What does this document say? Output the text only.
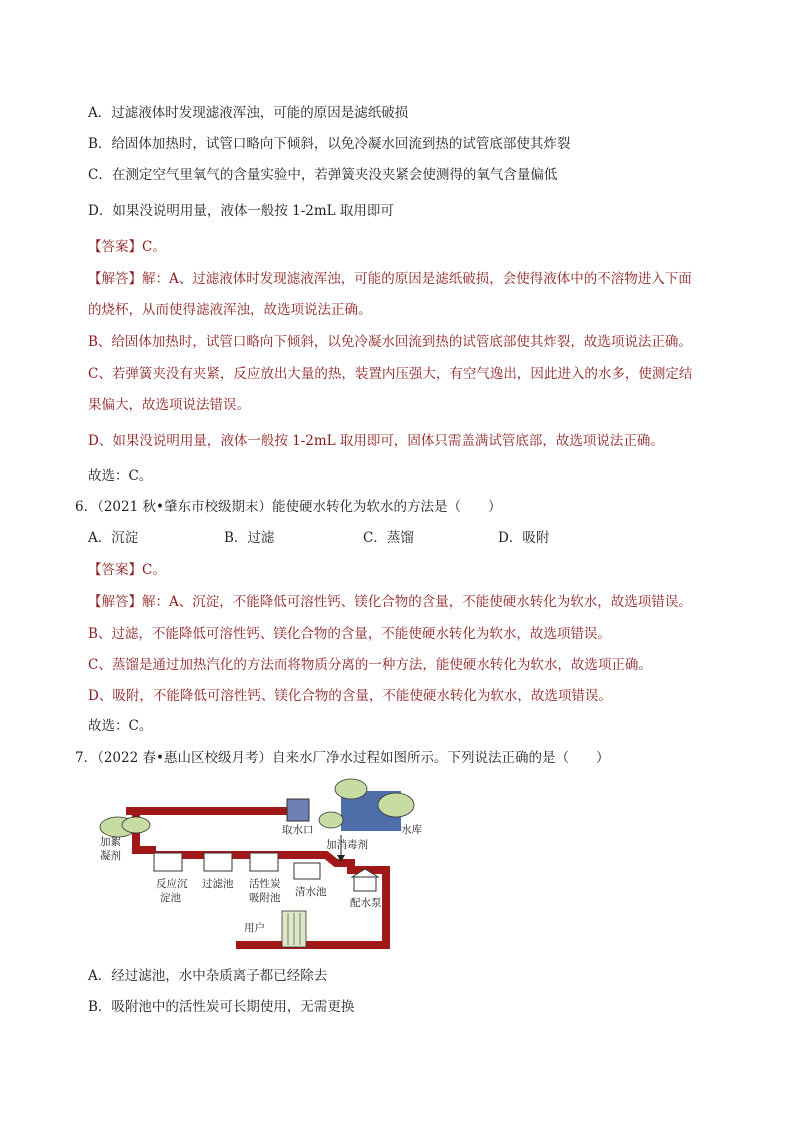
A．过滤液体时发现滤液浑浊，可能的原因是滤纸破损
B．给固体加热时，试管口略向下倾斜，以免冷凝水回流到热的试管底部使其炸裂
C．在测定空气里氧气的含量实验中，若弹簧夹没夹紧会使测得的氧气含量偏低
D．如果没说明用量，液体一般按 1-2mL 取用即可
【答案】C。
【解答】解：A、过滤液体时发现滤液浑浊，可能的原因是滤纸破损，会使得液体中的不溶物进入下面
的烧杯，从而使得滤液浑浊，故选项说法正确。
B、给固体加热时，试管口略向下倾斜，以免冷凝水回流到热的试管底部使其炸裂，故选项说法正确。
C、若弹簧夹没有夹紧，反应放出大量的热，装置内压强大，有空气逸出，因此进入的水多，使测定结
果偏大，故选项说法错误。
D、如果没说明用量，液体一般按 1-2mL 取用即可，固体只需盖满试管底部，故选项说法正确。
故选：C。
6．（2021 秋•肇东市校级期末）能使硬水转化为软水的方法是（　　）
A．沉淀	B．过滤	C．蒸馏	D．吸附
【答案】C。
【解答】解：A、沉淀，不能降低可溶性钙、镁化合物的含量，不能使硬水转化为软水，故选项错误。
B、过滤，不能降低可溶性钙、镁化合物的含量，不能使硬水转化为软水，故选项错误。
C、蒸馏是通过加热汽化的方法而将物质分离的一种方法，能使硬水转化为软水，故选项正确。
D、吸附，不能降低可溶性钙、镁化合物的含量，不能使硬水转化为软水，故选项错误。
故选：C。
7．（2022 春•惠山区校级月考）自来水厂净水过程如图所示。下列说法正确的是（　　）
取水口	水库
加絮
凝剂
加消毒剂
反应沉
淀池
过滤池 活性炭
吸附池 清水池
配水泵
用户
A．经过滤池，水中杂质离子都已经除去
B．吸附池中的活性炭可长期使用，无需更换
